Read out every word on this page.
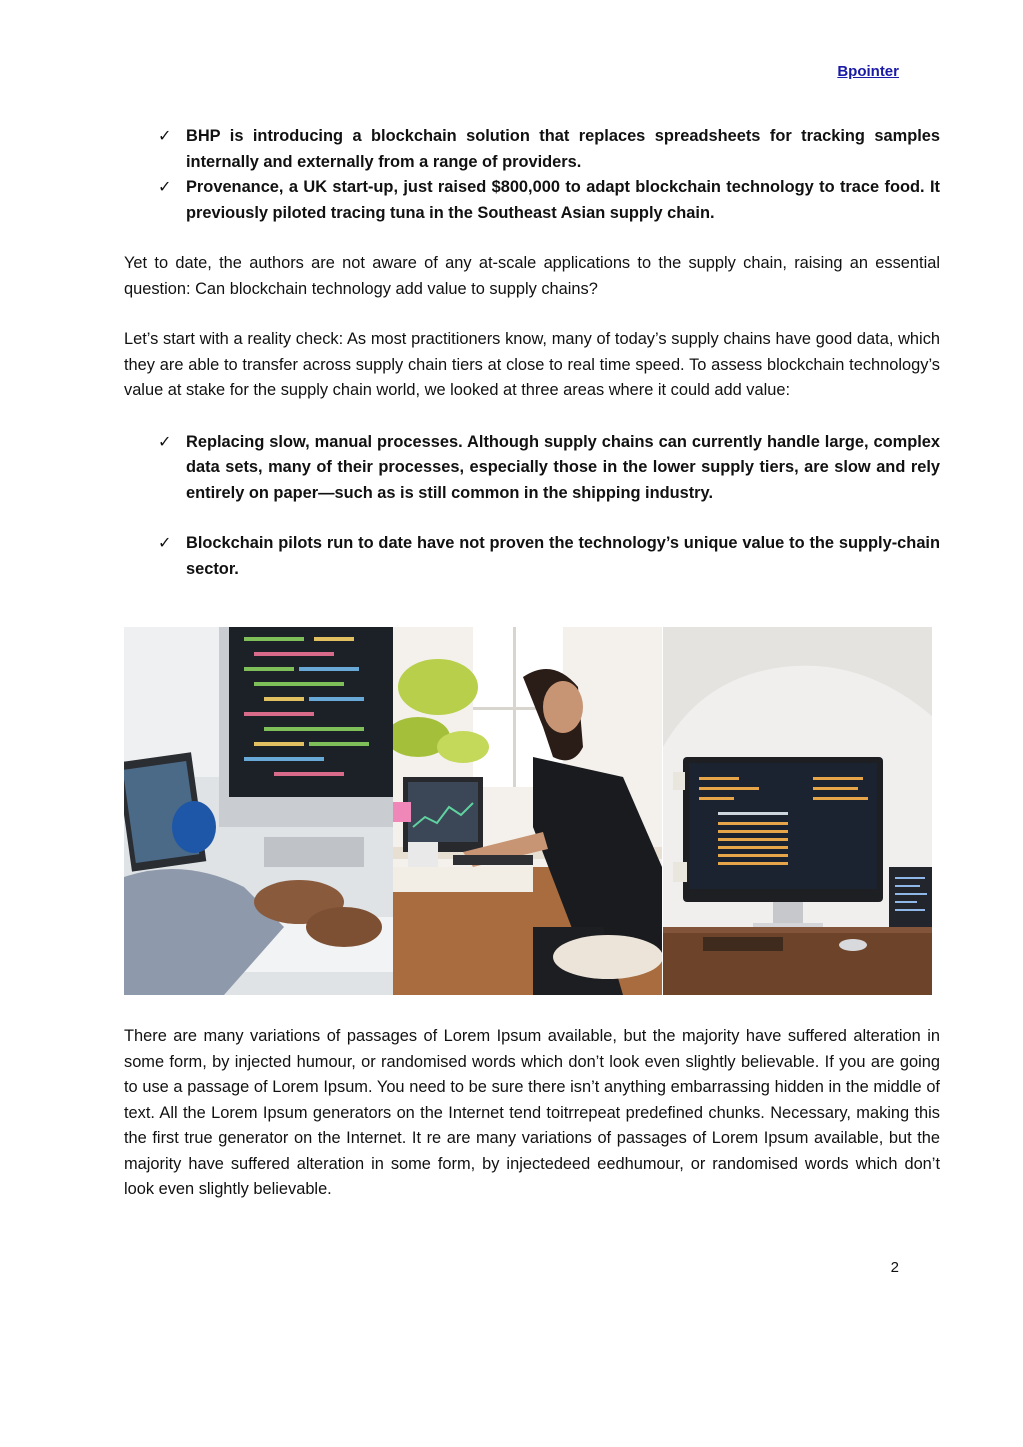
Bpointer
✓ BHP is introducing a blockchain solution that replaces spreadsheets for tracking samples internally and externally from a range of providers.
✓ Provenance, a UK start-up, just raised $800,000 to adapt blockchain technology to trace food. It previously piloted tracing tuna in the Southeast Asian supply chain.

Yet to date, the authors are not aware of any at-scale applications to the supply chain, raising an essential question: Can blockchain technology add value to supply chains?

Let’s start with a reality check: As most practitioners know, many of today’s supply chains have good data, which they are able to transfer across supply chain tiers at close to real time speed. To assess blockchain technology’s value at stake for the supply chain world, we looked at three areas where it could add value:

✓ Replacing slow, manual processes. Although supply chains can currently handle large, complex data sets, many of their processes, especially those in the lower supply tiers, are slow and rely entirely on paper—such as is still common in the shipping industry.
✓ Blockchain pilots run to date have not proven the technology’s unique value to the supply-chain sector.

There are many variations of passages of Lorem Ipsum available, but the majority have suffered alteration in some form, by injected humour, or randomised words which don’t look even slightly believable. If you are going to use a passage of Lorem Ipsum. You need to be sure there isn’t anything embarrassing hidden in the middle of text. All the Lorem Ipsum generators on the Internet tend toitrrepeat predefined chunks. Necessary, making this the first true generator on the Internet. It re are many variations of passages of Lorem Ipsum available, but the majority have suffered alteration in some form, by injectedeed eedhumour, or randomised words which don’t look even slightly believable.

2
